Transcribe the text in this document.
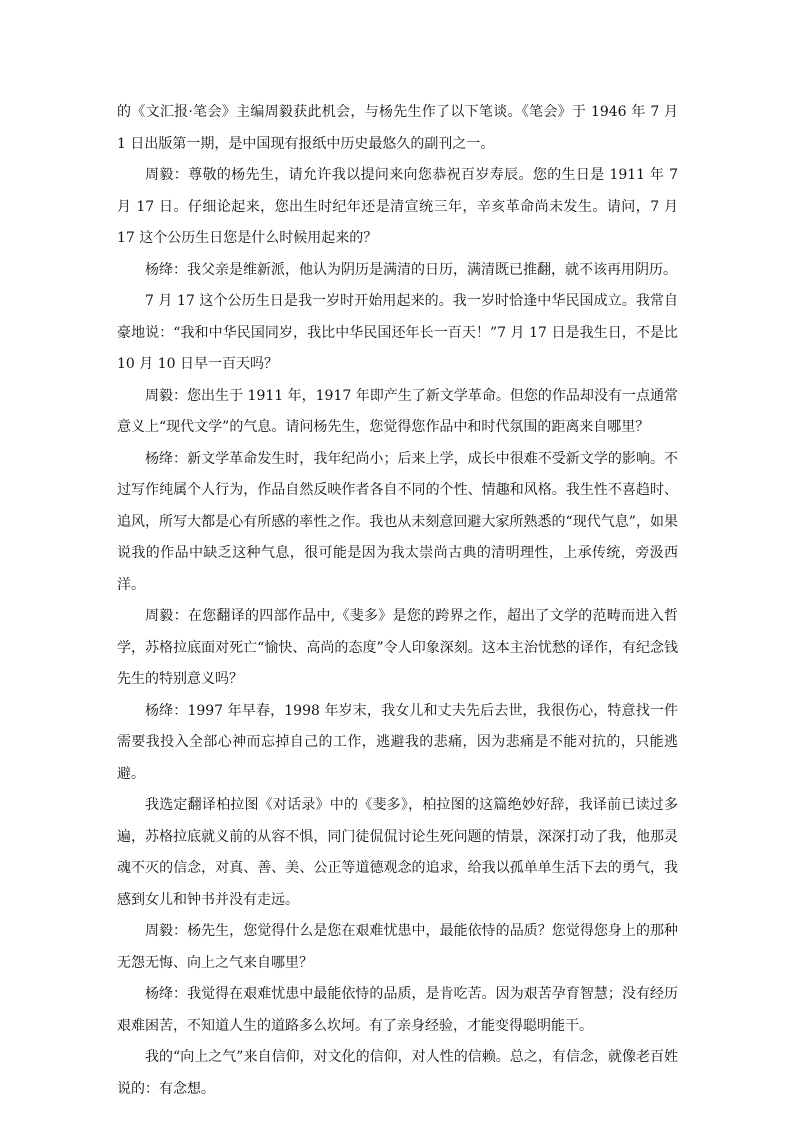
的《文汇报·笔会》主编周毅获此机会，与杨先生作了以下笔谈。《笔会》于 1946 年 7 月 1 日出版第一期，是中国现有报纸中历史最悠久的副刊之一。

周毅：尊敬的杨先生，请允许我以提问来向您恭祝百岁寿辰。您的生日是 1911 年 7 月 17 日。仔细论起来，您出生时纪年还是清宣统三年，辛亥革命尚未发生。请问，7 月 17 这个公历生日您是什么时候用起来的？

杨绛：我父亲是维新派，他认为阴历是满清的日历，满清既已推翻，就不该再用阴历。

7 月 17 这个公历生日是我一岁时开始用起来的。我一岁时恰逢中华民国成立。我常自豪地说：“我和中华民国同岁，我比中华民国还年长一百天！”7 月 17 日是我生日，不是比 10 月 10 日早一百天吗？

周毅：您出生于 1911 年，1917 年即产生了新文学革命。但您的作品却没有一点通常意义上“现代文学”的气息。请问杨先生，您觉得您作品中和时代氛围的距离来自哪里？

杨绛：新文学革命发生时，我年纪尚小；后来上学，成长中很难不受新文学的影响。不过写作纯属个人行为，作品自然反映作者各自不同的个性、情趣和风格。我生性不喜趋时、追风，所写大都是心有所感的率性之作。我也从未刻意回避大家所熟悉的“现代气息”，如果说我的作品中缺乏这种气息，很可能是因为我太崇尚古典的清明理性，上承传统，旁汲西洋。

周毅：在您翻译的四部作品中,《斐多》是您的跨界之作，超出了文学的范畴而进入哲学，苏格拉底面对死亡“愉快、高尚的态度”令人印象深刻。这本主治忧愁的译作，有纪念钱先生的特别意义吗？

杨绛：1997 年早春，1998 年岁末，我女儿和丈夫先后去世，我很伤心，特意找一件需要我投入全部心神而忘掉自己的工作，逃避我的悲痛，因为悲痛是不能对抗的，只能逃避。

我选定翻译柏拉图《对话录》中的《斐多》，柏拉图的这篇绝妙好辞，我译前已读过多遍，苏格拉底就义前的从容不惧，同门徒侃侃讨论生死问题的情景，深深打动了我，他那灵魂不灭的信念，对真、善、美、公正等道德观念的追求，给我以孤单单生活下去的勇气，我感到女儿和钟书并没有走远。

周毅：杨先生，您觉得什么是您在艰难忧患中，最能依恃的品质？您觉得您身上的那种无怨无悔、向上之气来自哪里？

杨绛：我觉得在艰难忧患中最能依恃的品质，是肯吃苦。因为艰苦孕育智慧；没有经历艰难困苦，不知道人生的道路多么坎坷。有了亲身经验，才能变得聪明能干。

我的“向上之气”来自信仰，对文化的信仰，对人性的信赖。总之，有信念，就像老百姓说的：有念想。
